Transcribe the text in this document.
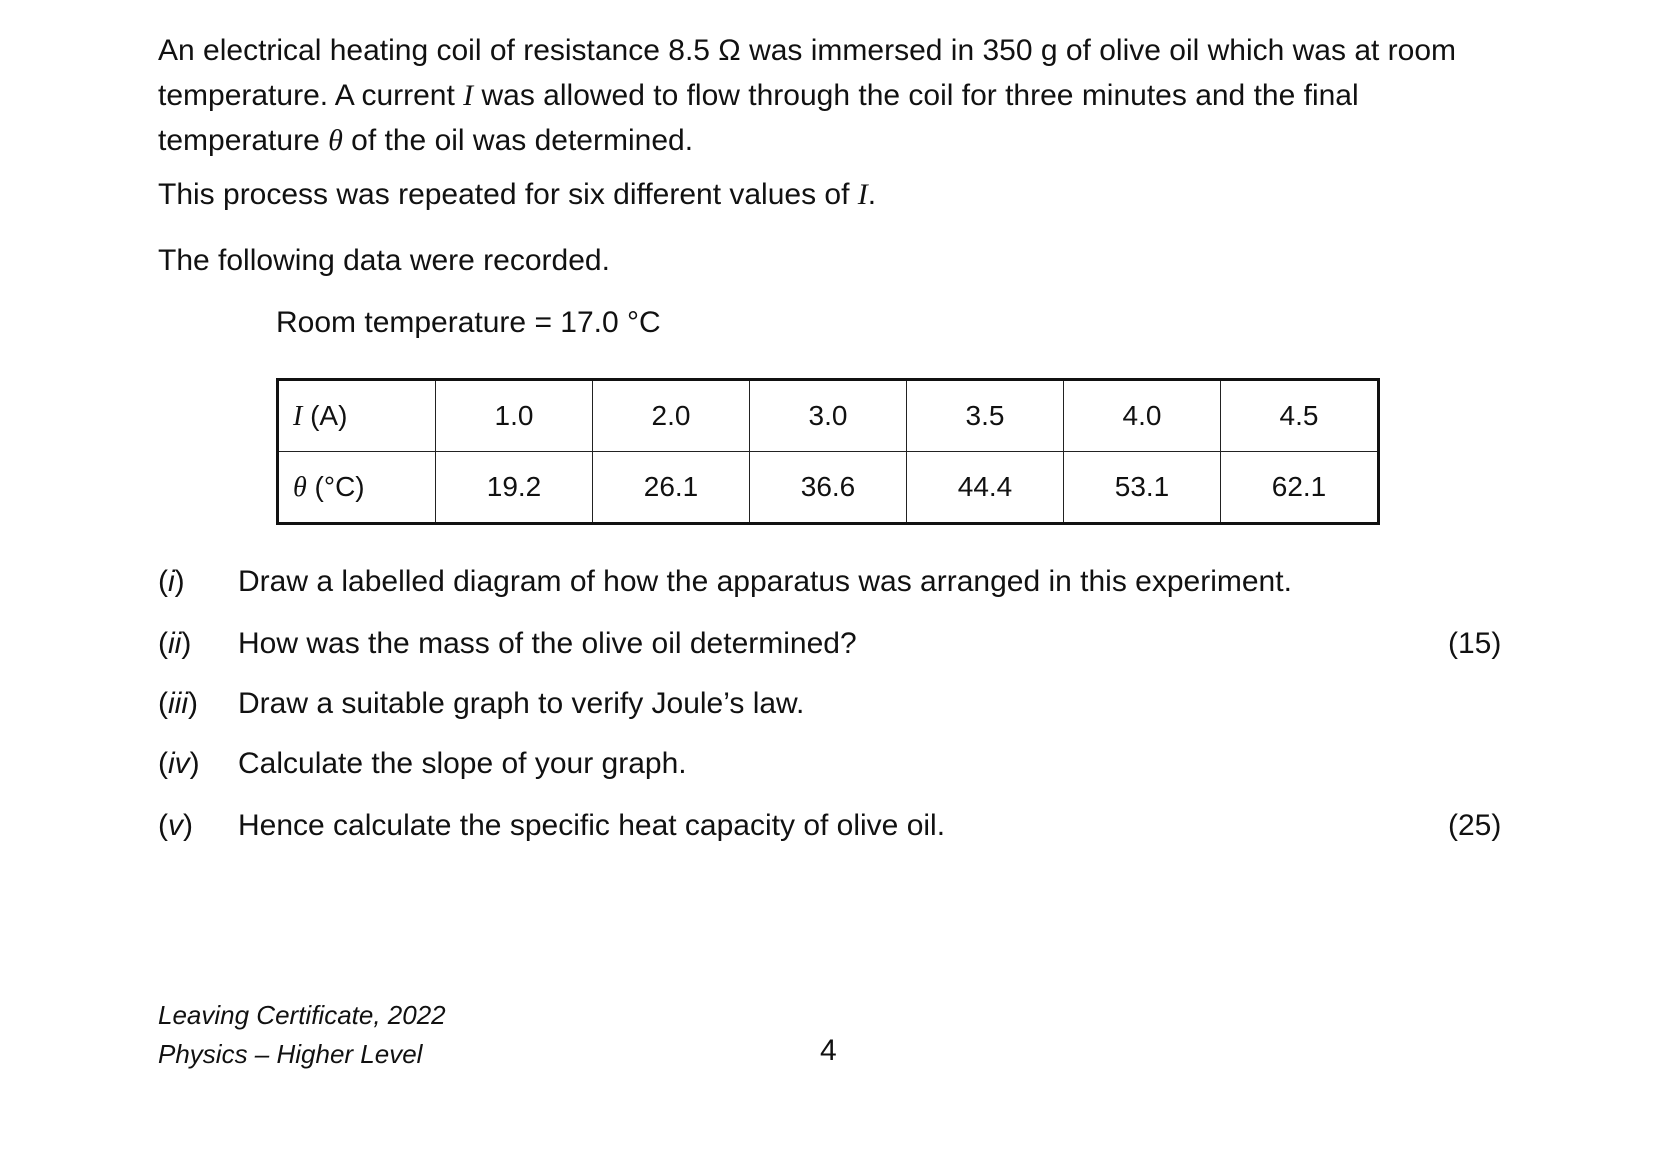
An electrical heating coil of resistance 8.5 Ω was immersed in 350 g of olive oil which was at room
temperature. A current I was allowed to flow through the coil for three minutes and the final
temperature θ of the oil was determined.

This process was repeated for six different values of I.

The following data were recorded.

Room temperature = 17.0 °C

I (A)	1.0	2.0	3.0	3.5	4.0	4.5
θ (°C)	19.2	26.1	36.6	44.4	53.1	62.1
(i)	Draw a labelled diagram of how the apparatus was arranged in this experiment.
(ii)	How was the mass of the olive oil determined?	(15)
(iii)	Draw a suitable graph to verify Joule’s law.
(iv)	Calculate the slope of your graph.
(v)	Hence calculate the specific heat capacity of olive oil.	(25)
Leaving Certificate, 2022
Physics – Higher Level	4
